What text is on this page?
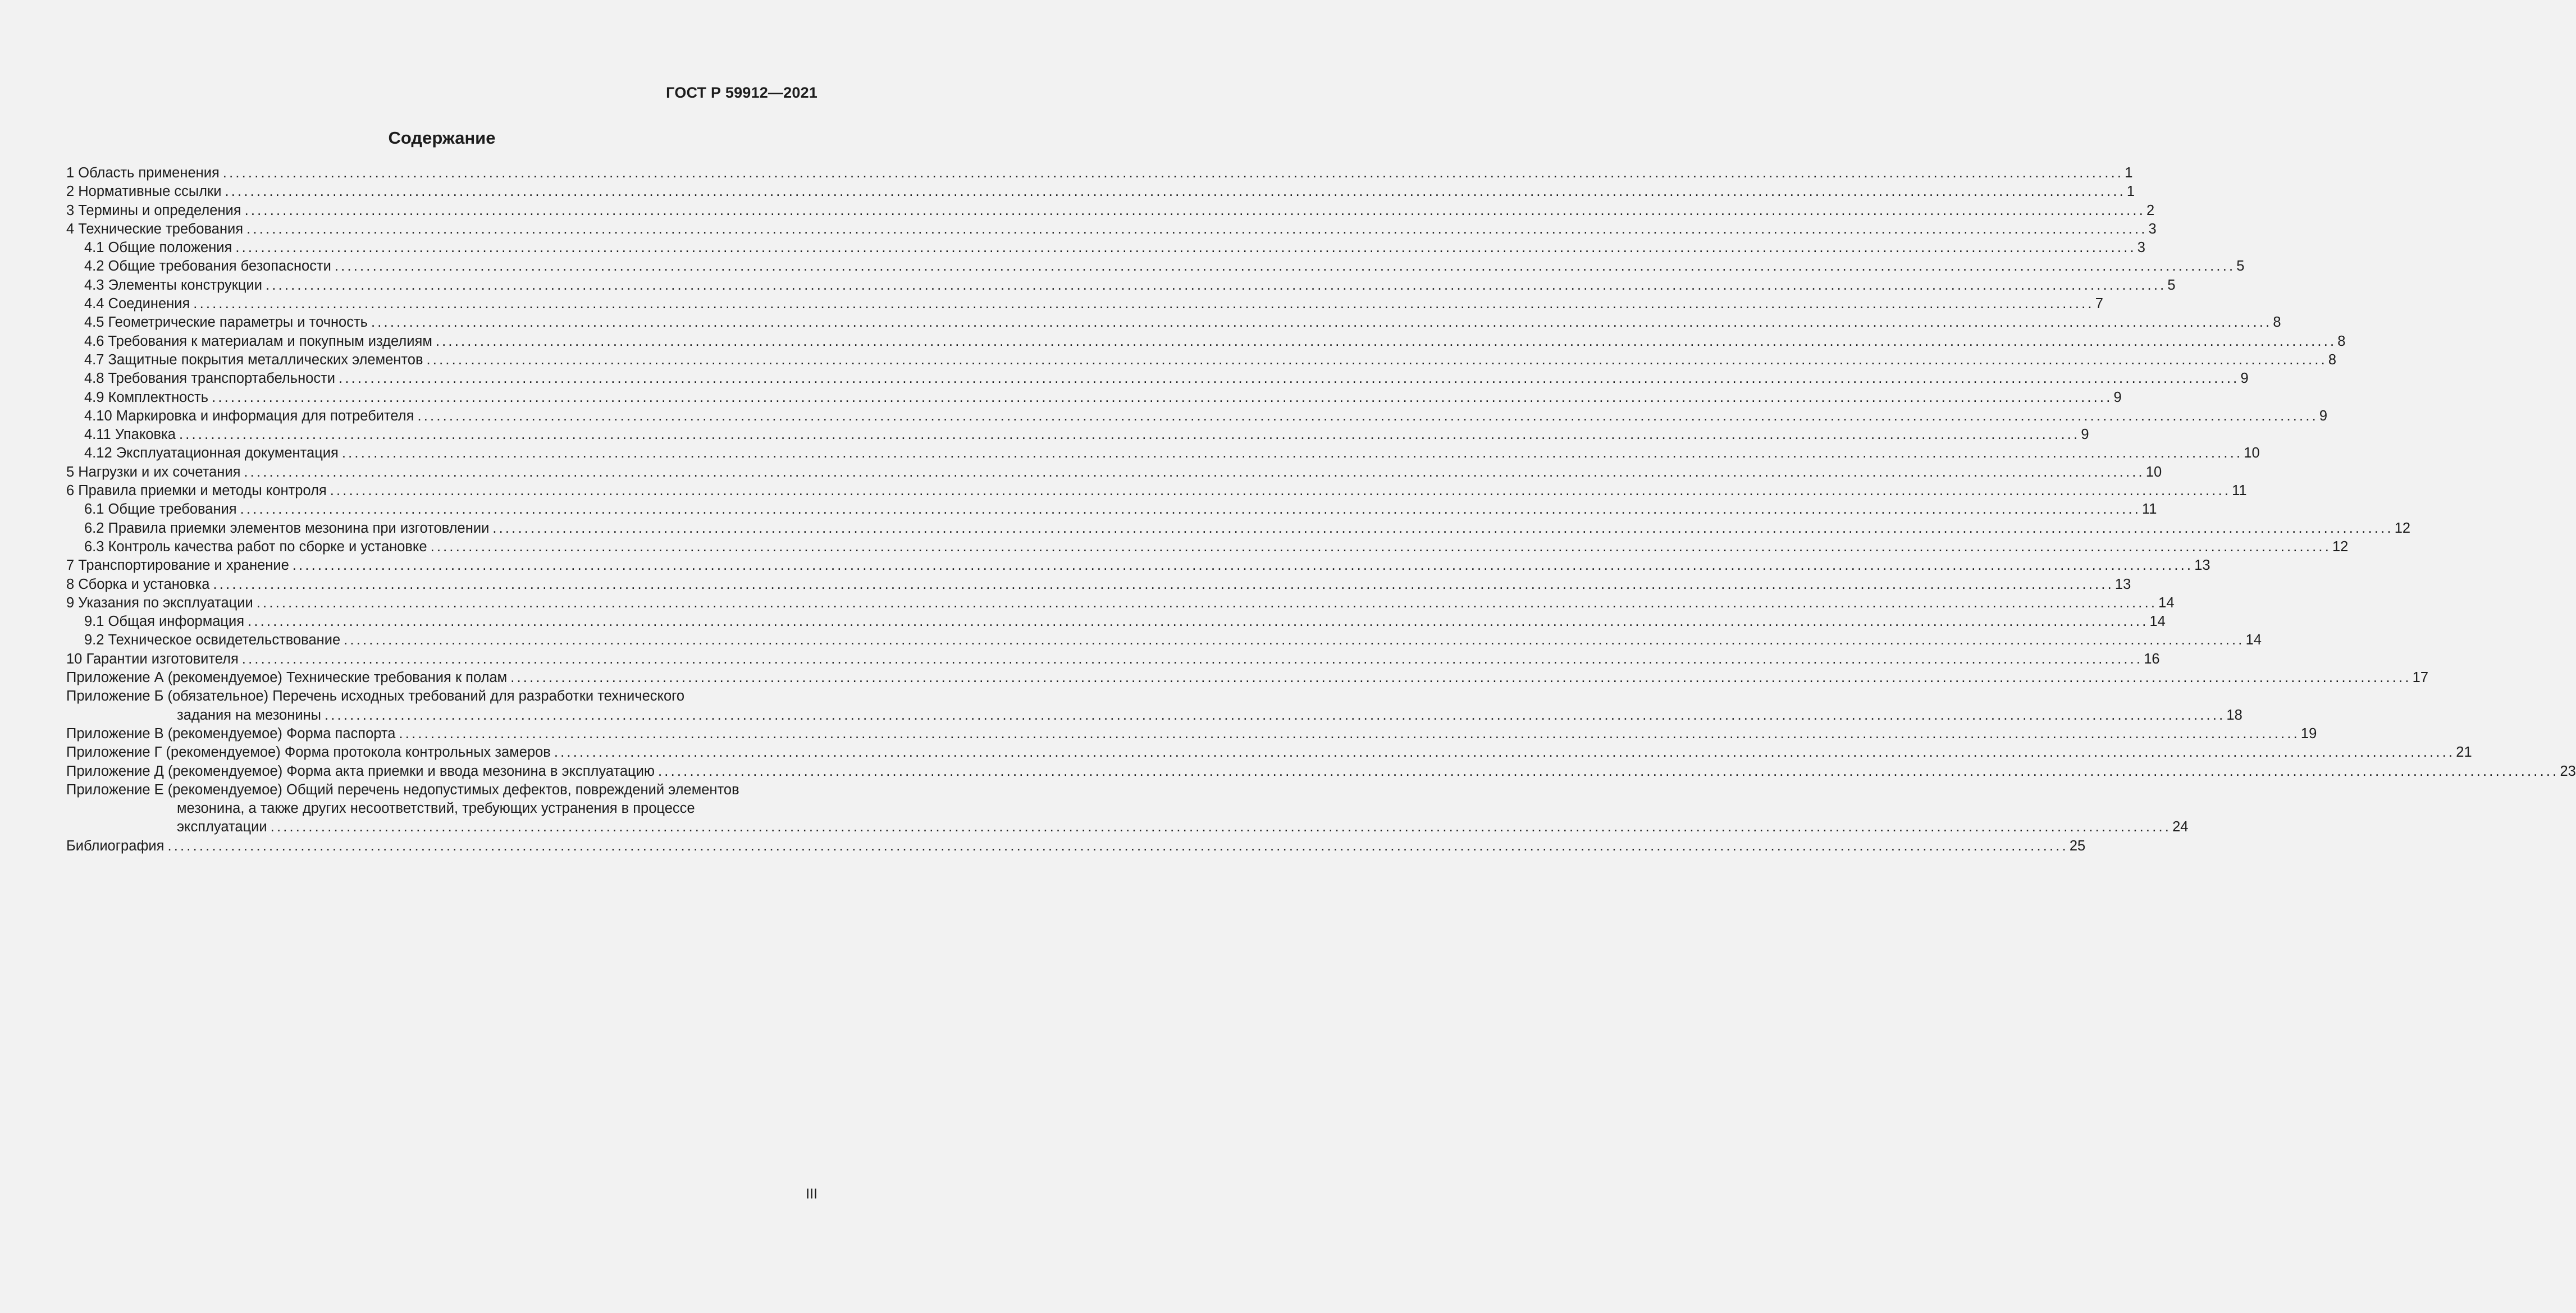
ГОСТ Р 59912—2021
Содержание
1 Область применения ............................................................................................................................................................................................................................................................................................................ 1
2 Нормативные ссылки ............................................................................................................................................................................................................................................................................................................ 1
3 Термины и определения ............................................................................................................................................................................................................................................................................................................ 2
4 Технические требования ............................................................................................................................................................................................................................................................................................................ 3
4.1 Общие положения ............................................................................................................................................................................................................................................................................................................ 3
4.2 Общие требования безопасности ............................................................................................................................................................................................................................................................................................................ 5
4.3 Элементы конструкции ............................................................................................................................................................................................................................................................................................................ 5
4.4 Соединения ............................................................................................................................................................................................................................................................................................................ 7
4.5 Геометрические параметры и точность ............................................................................................................................................................................................................................................................................................................ 8
4.6 Требования к материалам и покупным изделиям ............................................................................................................................................................................................................................................................................................................ 8
4.7 Защитные покрытия металлических элементов ............................................................................................................................................................................................................................................................................................................ 8
4.8 Требования транспортабельности ............................................................................................................................................................................................................................................................................................................ 9
4.9 Комплектность ............................................................................................................................................................................................................................................................................................................ 9
4.10 Маркировка и информация для потребителя ............................................................................................................................................................................................................................................................................................................ 9
4.11 Упаковка ............................................................................................................................................................................................................................................................................................................ 9
4.12 Эксплуатационная документация ............................................................................................................................................................................................................................................................................................................ 10
5 Нагрузки и их сочетания ............................................................................................................................................................................................................................................................................................................ 10
6 Правила приемки и методы контроля ............................................................................................................................................................................................................................................................................................................ 11
6.1 Общие требования ............................................................................................................................................................................................................................................................................................................ 11
6.2 Правила приемки элементов мезонина при изготовлении ............................................................................................................................................................................................................................................................................................................ 12
6.3 Контроль качества работ по сборке и установке ............................................................................................................................................................................................................................................................................................................ 12
7 Транспортирование и хранение ............................................................................................................................................................................................................................................................................................................ 13
8 Сборка и установка ............................................................................................................................................................................................................................................................................................................ 13
9 Указания по эксплуатации ............................................................................................................................................................................................................................................................................................................ 14
9.1 Общая информация ............................................................................................................................................................................................................................................................................................................ 14
9.2 Техническое освидетельствование ............................................................................................................................................................................................................................................................................................................ 14
10 Гарантии изготовителя ............................................................................................................................................................................................................................................................................................................ 16
Приложение А (рекомендуемое) Технические требования к полам ............................................................................................................................................................................................................................................................................................................ 17
Приложение Б (обязательное) Перечень исходных требований для разработки технического
задания на мезонины ............................................................................................................................................................................................................................................................................................................ 18
Приложение В (рекомендуемое) Форма паспорта ............................................................................................................................................................................................................................................................................................................ 19
Приложение Г (рекомендуемое) Форма протокола контрольных замеров ............................................................................................................................................................................................................................................................................................................ 21
Приложение Д (рекомендуемое) Форма акта приемки и ввода мезонина в эксплуатацию ............................................................................................................................................................................................................................................................................................................ 23
Приложение Е (рекомендуемое) Общий перечень недопустимых дефектов, повреждений элементов
мезонина, а также других несоответствий, требующих устранения в процессе
эксплуатации ............................................................................................................................................................................................................................................................................................................ 24
Библиография ............................................................................................................................................................................................................................................................................................................ 25
III
